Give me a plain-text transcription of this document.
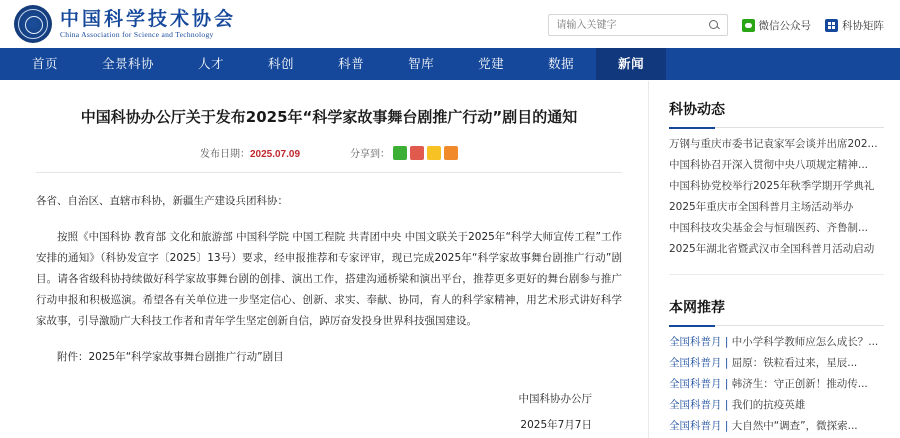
中国科学技术协会
China Association for Science and Technology
请输入关键字
微信公众号	科协矩阵
首页	全景科协	人才	科创	科普	智库	党建	数据	新闻
中国科协办公厅关于发布2025年“科学家故事舞台剧推广行动”剧目的通知
发布日期：2025.07.09	分享到：

各省、自治区、直辖市科协，新疆生产建设兵团科协：

按照《中国科协 教育部 文化和旅游部 中国科学院 中国工程院 共青团中央 中国文联关于2025年“科学大师宣传工程”工作安排的通知》（科协发宣字〔2025〕13号）要求，经申报推荐和专家评审，现已完成2025年“科学家故事舞台剧推广行动”剧目。请各省级科协持续做好科学家故事舞台剧的创排、演出工作，搭建沟通桥梁和演出平台，推荐更多更好的舞台剧参与推广行动申报和积极巡演。希望各有关单位进一步坚定信心、创新、求实、奉献、协同，育人的科学家精神，用艺术形式讲好科学家故事，引导激励广大科技工作者和青年学生坚定创新自信，踔厉奋发投身世界科技强国建设。

附件：2025年“科学家故事舞台剧推广行动”剧目

中国科协办公厅
2025年7月7日
科协动态
万钢与重庆市委书记袁家军会谈并出席202...
中国科协召开深入贯彻中央八项规定精神...
中国科协党校举行2025年秋季学期开学典礼
2025年重庆市全国科普月主场活动举办
中国科技攻尖基金会与恒瑞医药、齐鲁制...
2025年湖北省暨武汉市全国科普月活动启动
本网推荐
全国科普月 | 中小学科学教师应怎么成长？...
全国科普月 | 屈原：铁粒看过来，星辰...
全国科普月 | 韩济生：守正创新！推动传...
全国科普月 | 我们的抗疫英雄
全国科普月 | 大自然中“调查”，微探索...
